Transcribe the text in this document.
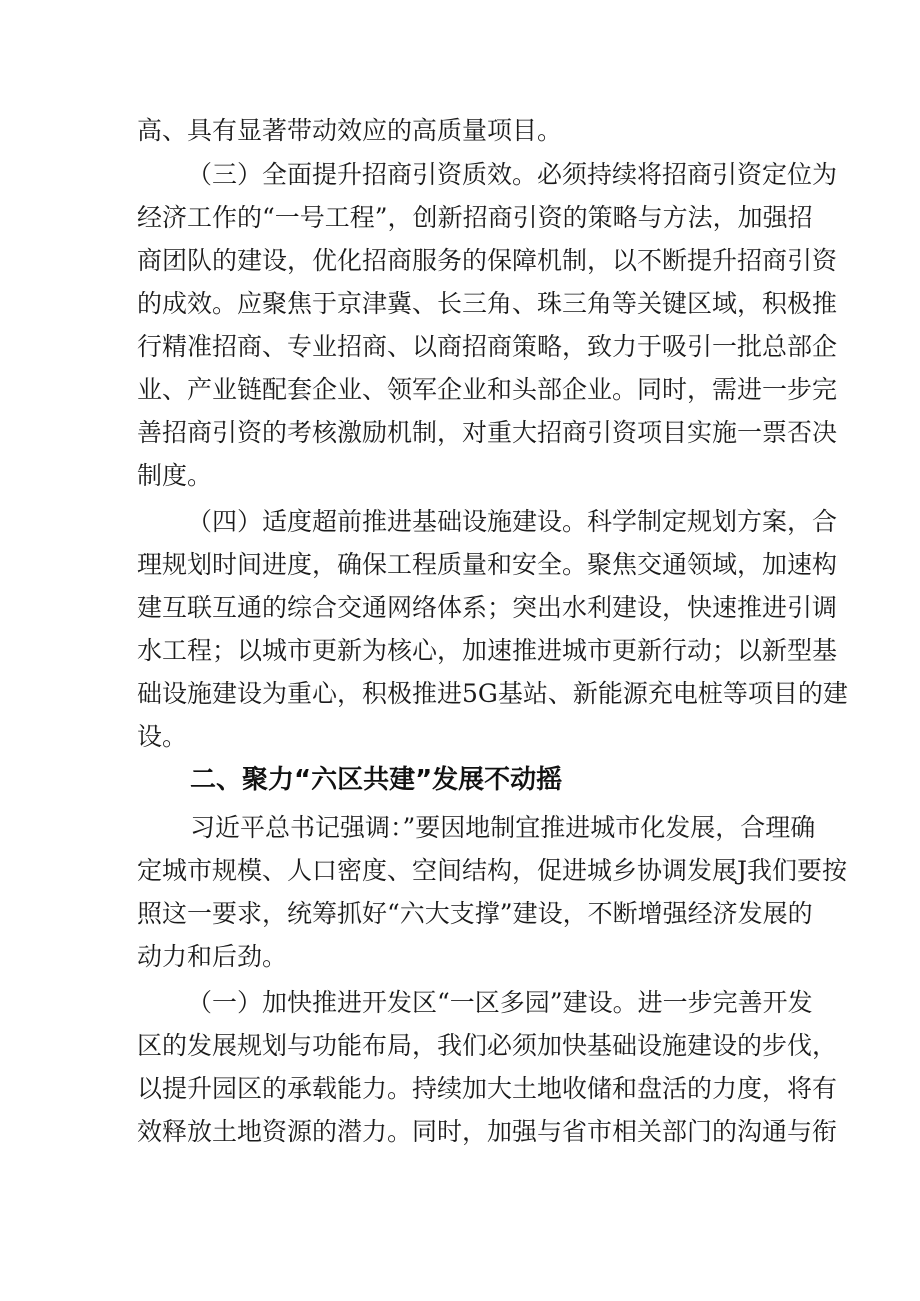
高、具有显著带动效应的高质量项目。
（三）全面提升招商引资质效。必须持续将招商引资定位为
经济工作的“一号工程”，创新招商引资的策略与方法，加强招
商团队的建设，优化招商服务的保障机制，以不断提升招商引资
的成效。应聚焦于京津冀、长三角、珠三角等关键区域，积极推
行精准招商、专业招商、以商招商策略，致力于吸引一批总部企
业、产业链配套企业、领军企业和头部企业。同时，需进一步完
善招商引资的考核激励机制，对重大招商引资项目实施一票否决
制度。
（四）适度超前推进基础设施建设。科学制定规划方案，合
理规划时间进度，确保工程质量和安全。聚焦交通领域，加速构
建互联互通的综合交通网络体系；突出水利建设，快速推进引调
水工程；以城市更新为核心，加速推进城市更新行动；以新型基
础设施建设为重心，积极推进5G基站、新能源充电桩等项目的建
设。
二、聚力“六区共建”发展不动摇
习近平总书记强调：”要因地制宜推进城市化发展，合理确
定城市规模、人口密度、空间结构，促进城乡协调发展J我们要按
照这一要求，统筹抓好“六大支撑”建设，不断增强经济发展的
动力和后劲。
（一）加快推进开发区“一区多园”建设。进一步完善开发
区的发展规划与功能布局，我们必须加快基础设施建设的步伐，
以提升园区的承载能力。持续加大土地收储和盘活的力度，将有
效释放土地资源的潜力。同时，加强与省市相关部门的沟通与衔
